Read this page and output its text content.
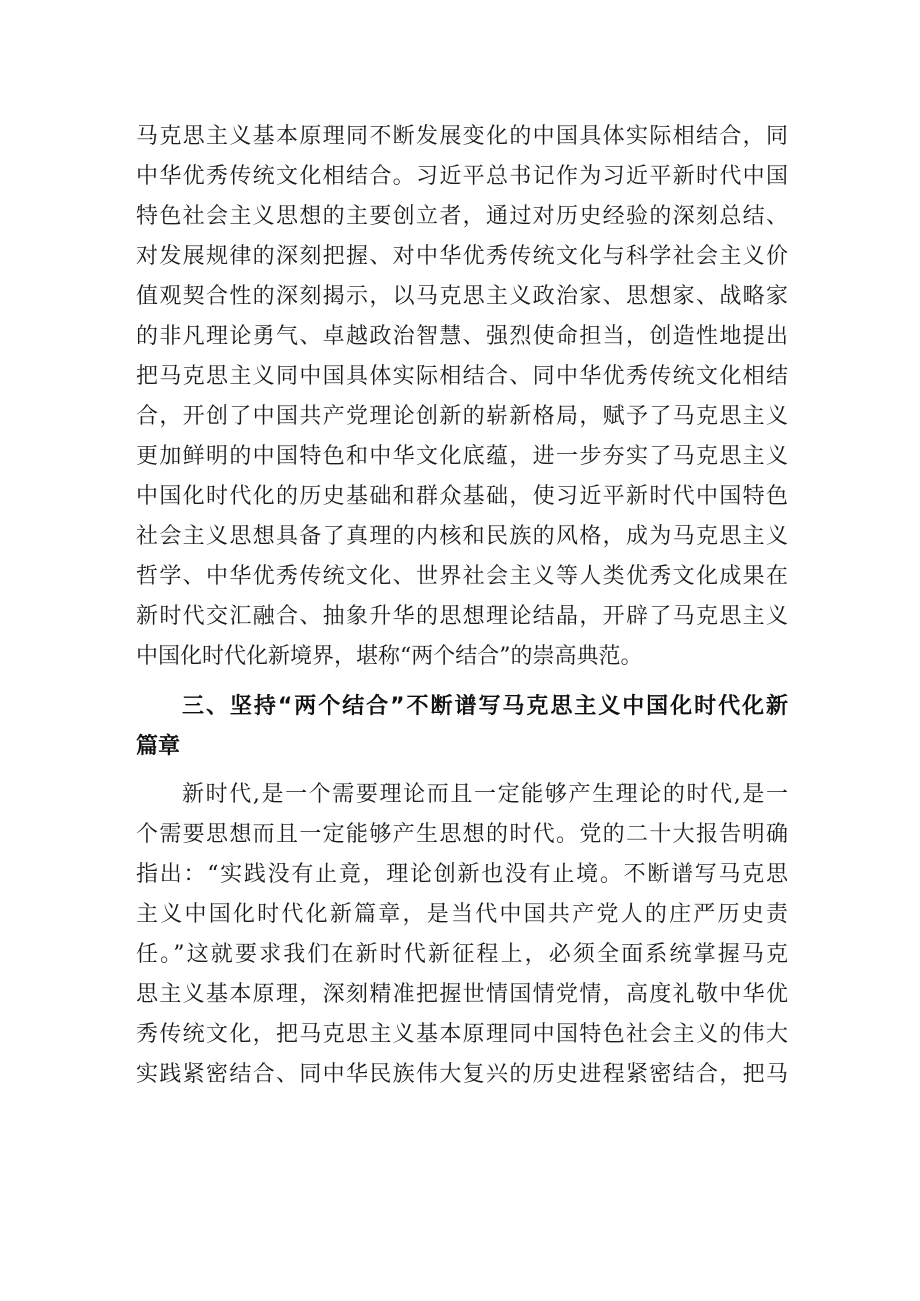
马克思主义基本原理同不断发展变化的中国具体实际相结合，同
中华优秀传统文化相结合。习近平总书记作为习近平新时代中国
特色社会主义思想的主要创立者，通过对历史经验的深刻总结、
对发展规律的深刻把握、对中华优秀传统文化与科学社会主义价
值观契合性的深刻揭示，以马克思主义政治家、思想家、战略家
的非凡理论勇气、卓越政治智慧、强烈使命担当，创造性地提出
把马克思主义同中国具体实际相结合、同中华优秀传统文化相结
合，开创了中国共产党理论创新的崭新格局，赋予了马克思主义
更加鲜明的中国特色和中华文化底蕴，进一步夯实了马克思主义
中国化时代化的历史基础和群众基础，使习近平新时代中国特色
社会主义思想具备了真理的内核和民族的风格，成为马克思主义
哲学、中华优秀传统文化、世界社会主义等人类优秀文化成果在
新时代交汇融合、抽象升华的思想理论结晶，开辟了马克思主义
中国化时代化新境界，堪称“两个结合”的崇高典范。
三、坚持“两个结合”不断谱写马克思主义中国化时代化新
篇章
新时代,是一个需要理论而且一定能够产生理论的时代,是一
个需要思想而且一定能够产生思想的时代。党的二十大报告明确
指出：“实践没有止竟，理论创新也没有止境。不断谱写马克思
主义中国化时代化新篇章，是当代中国共产党人的庄严历史责
任。”这就要求我们在新时代新征程上，必须全面系统掌握马克
思主义基本原理，深刻精准把握世情国情党情，高度礼敬中华优
秀传统文化，把马克思主义基本原理同中国特色社会主义的伟大
实践紧密结合、同中华民族伟大复兴的历史进程紧密结合，把马
